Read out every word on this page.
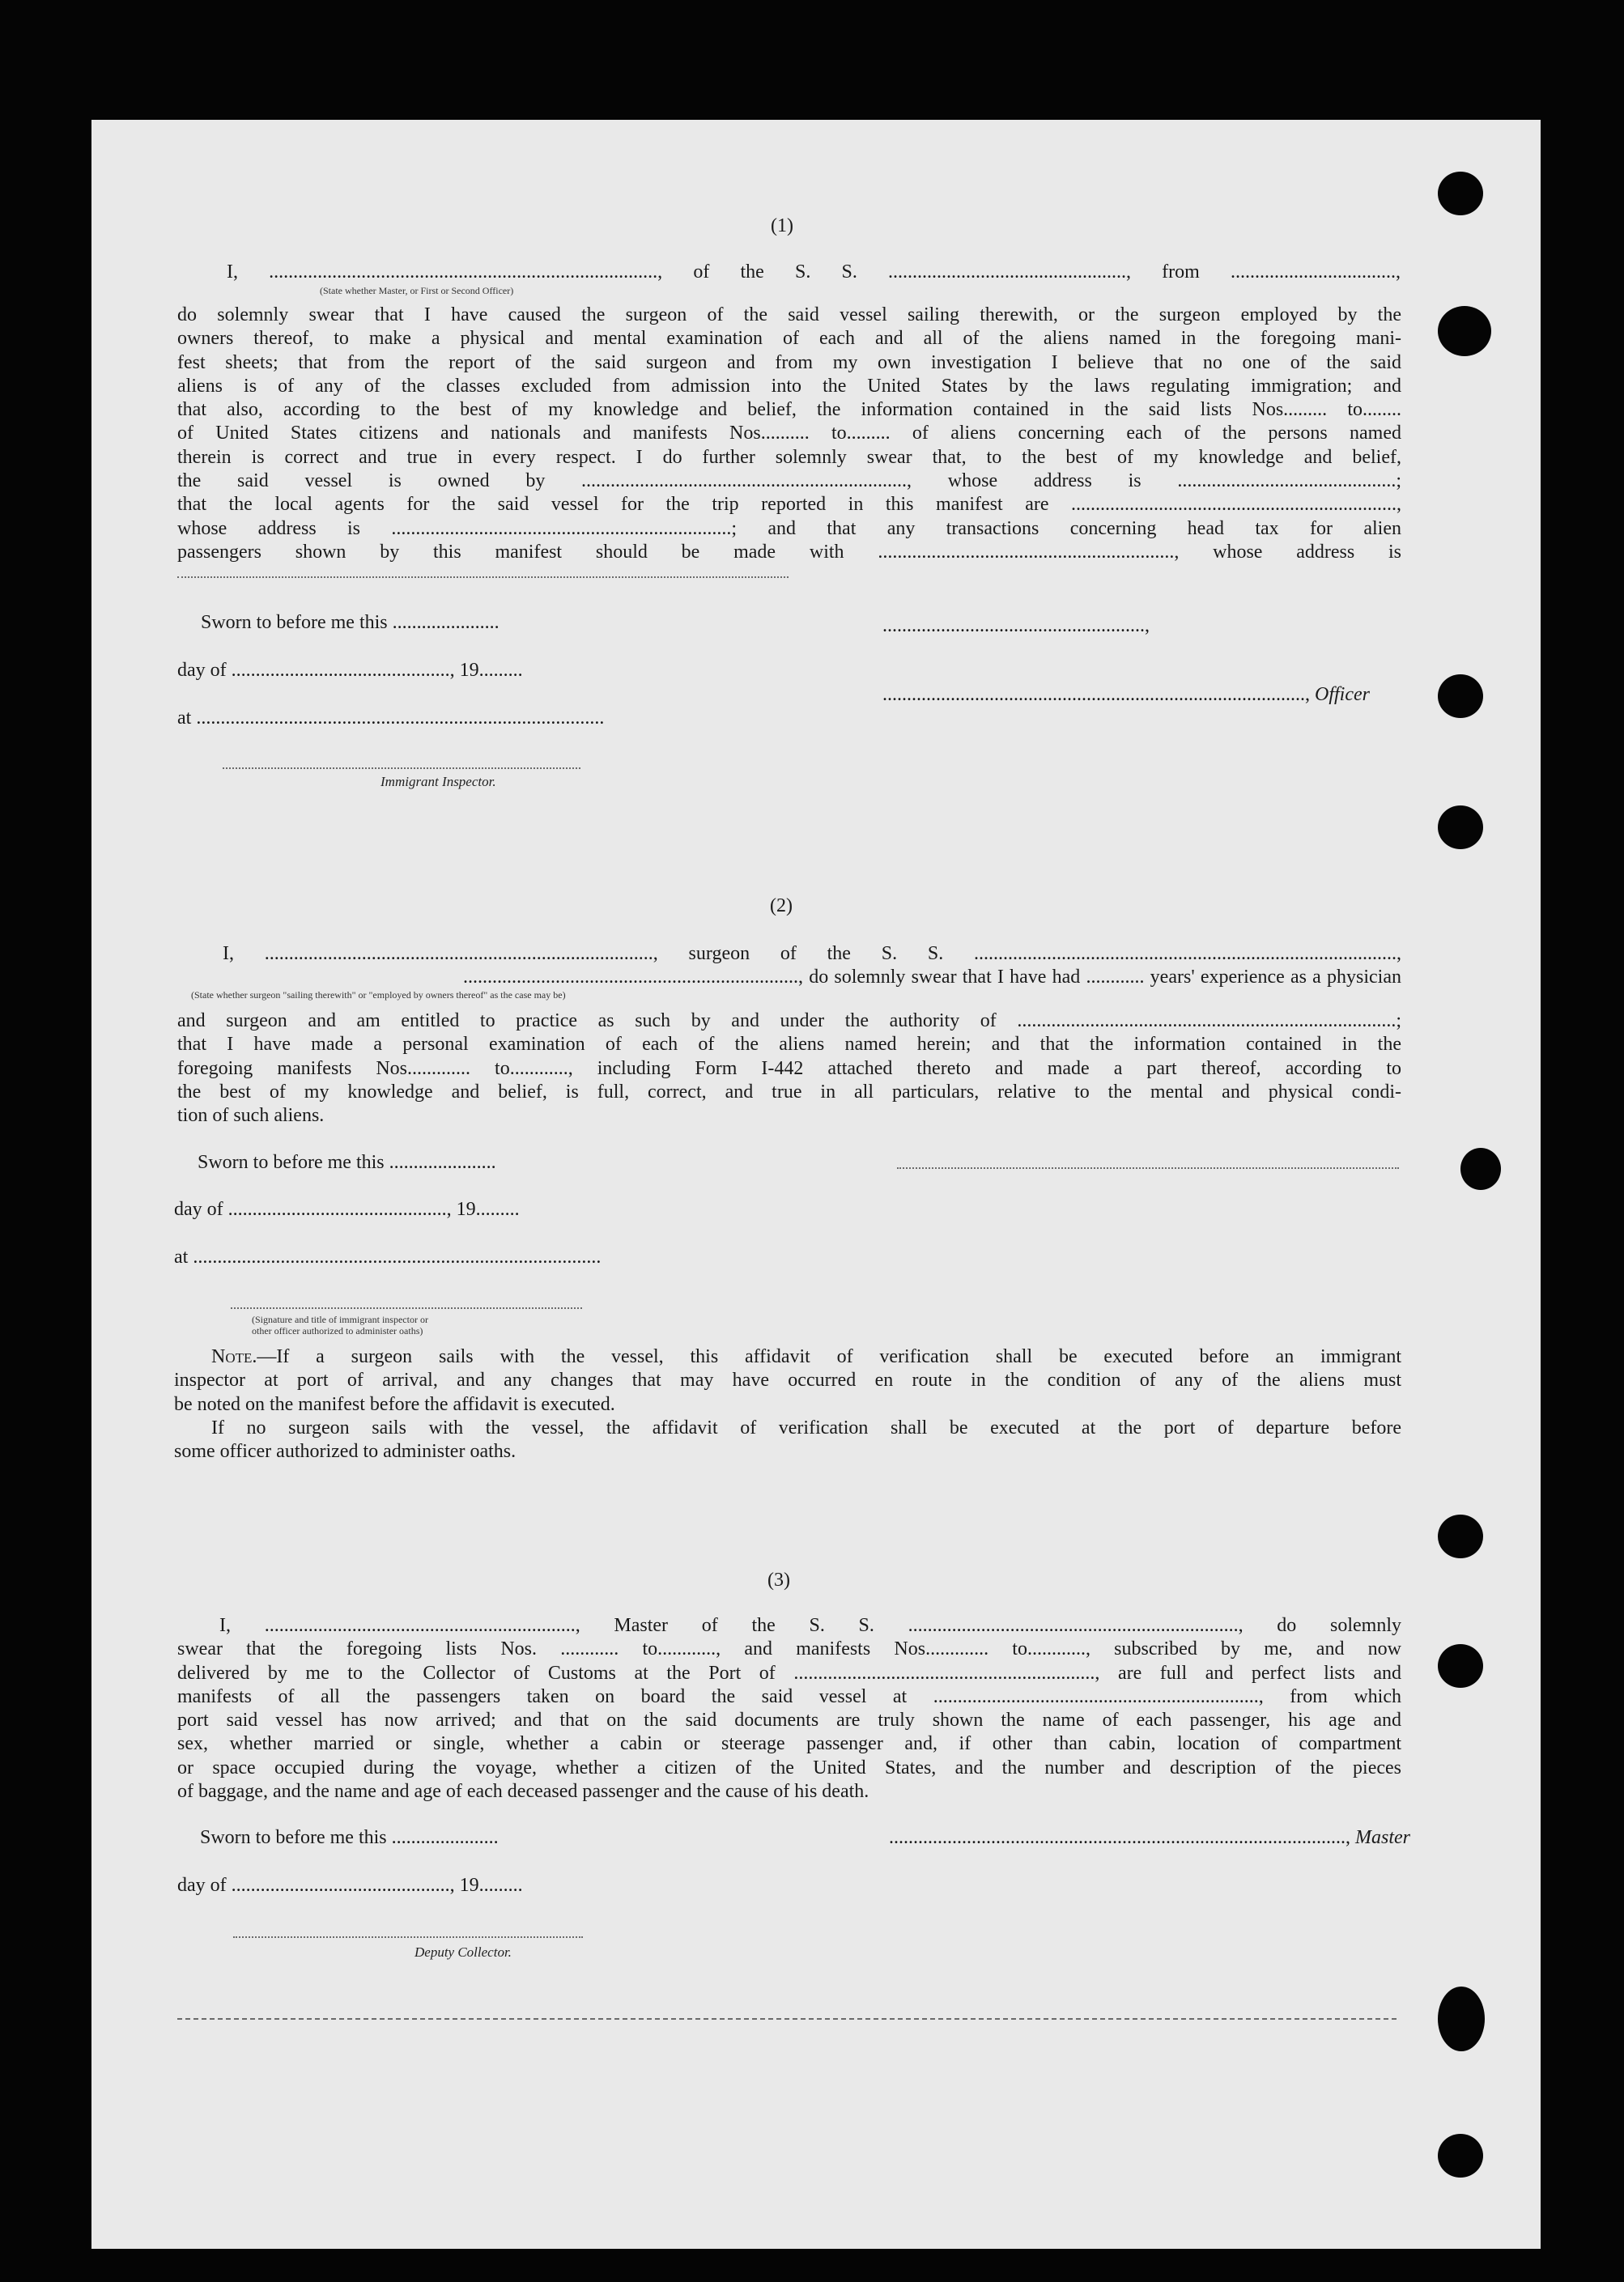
(1)
I, ................................................................................, of the S. S. ................................................., from ..................................,
(State whether Master, or First or Second Officer)
do solemnly swear that I have caused the surgeon of the said vessel sailing therewith, or the surgeon employed by the
owners thereof, to make a physical and mental examination of each and all of the aliens named in the foregoing mani-
fest sheets; that from the report of the said surgeon and from my own investigation I believe that no one of the said
aliens is of any of the classes excluded from admission into the United States by the laws regulating immigration; and
that also, according to the best of my knowledge and belief, the information contained in the said lists Nos......... to........
of United States citizens and nationals and manifests Nos.......... to......... of aliens concerning each of the persons named
therein is correct and true in every respect. I do further solemnly swear that, to the best of my knowledge and belief,
the said vessel is owned by ..................................................................., whose address is .............................................;
that the local agents for the said vessel for the trip reported in this manifest are ...................................................................,
whose address is ......................................................................; and that any transactions concerning head tax for alien
passengers shown by this manifest should be made with ............................................................., whose address is
Sworn to before me this ......................
day of ............................................., 19.........
at ....................................................................................
Immigrant Inspector.
......................................................,
......................................................................................., Officer
(2)
I, ................................................................................, surgeon of the S. S. .......................................................................................,
....................................................................., do solemnly swear that I have had ............ years' experience as a physician
(State whether surgeon "sailing therewith" or "employed by owners thereof" as the case may be)
and surgeon and am entitled to practice as such by and under the authority of ..............................................................................;
that I have made a personal examination of each of the aliens named herein; and that the information contained in the
foregoing manifests Nos............. to............, including Form I-442 attached thereto and made a part thereof, according to
the best of my knowledge and belief, is full, correct, and true in all particulars, relative to the mental and physical condi-
tion of such aliens.
Sworn to before me this ......................
day of ............................................., 19.........
at ....................................................................................
(Signature and title of immigrant inspector or
other officer authorized to administer oaths)
Note.—If a surgeon sails with the vessel, this affidavit of verification shall be executed before an immigrant
inspector at port of arrival, and any changes that may have occurred en route in the condition of any of the aliens must
be noted on the manifest before the affidavit is executed.
If no surgeon sails with the vessel, the affidavit of verification shall be executed at the port of departure before
some officer authorized to administer oaths.
(3)
I, ................................................................, Master of the S. S. ...................................................................., do solemnly
swear that the foregoing lists Nos. ............ to............, and manifests Nos............. to............, subscribed by me, and now
delivered by me to the Collector of Customs at the Port of .............................................................., are full and perfect lists and
manifests of all the passengers taken on board the said vessel at ..................................................................., from which
port said vessel has now arrived; and that on the said documents are truly shown the name of each passenger, his age and
sex, whether married or single, whether a cabin or steerage passenger and, if other than cabin, location of compartment
or space occupied during the voyage, whether a citizen of the United States, and the number and description of the pieces
of baggage, and the name and age of each deceased passenger and the cause of his death.
Sworn to before me this ......................
day of ............................................., 19.........
.............................................................................................., Master
Deputy Collector.
